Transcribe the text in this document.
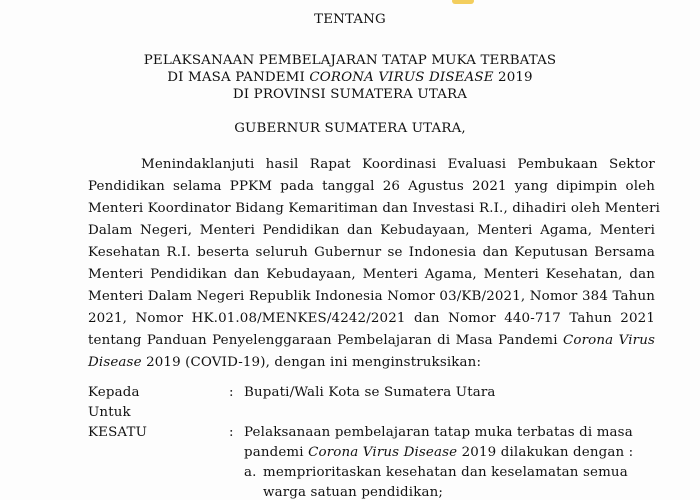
TENTANG
PELAKSANAAN PEMBELAJARAN TATAP MUKA TERBATAS
DI MASA PANDEMI CORONA VIRUS DISEASE 2019
DI PROVINSI SUMATERA UTARA
GUBERNUR SUMATERA UTARA,
Menindaklanjuti hasil Rapat Koordinasi Evaluasi Pembukaan Sektor
Pendidikan selama PPKM pada tanggal 26 Agustus 2021 yang dipimpin oleh
Menteri Koordinator Bidang Kemaritiman dan Investasi R.I., dihadiri oleh Menteri
Dalam Negeri, Menteri Pendidikan dan Kebudayaan, Menteri Agama, Menteri
Kesehatan R.I. beserta seluruh Gubernur se Indonesia dan Keputusan Bersama
Menteri Pendidikan dan Kebudayaan, Menteri Agama, Menteri Kesehatan, dan
Menteri Dalam Negeri Republik Indonesia Nomor 03/KB/2021, Nomor 384 Tahun
2021, Nomor HK.01.08/MENKES/4242/2021 dan Nomor 440-717 Tahun 2021
tentang Panduan Penyelenggaraan Pembelajaran di Masa Pandemi Corona Virus
Disease 2019 (COVID-19), dengan ini menginstruksikan:
Kepada	: Bupati/Wali Kota se Sumatera Utara
Untuk
KESATU	: Pelaksanaan pembelajaran tatap muka terbatas di masa
pandemi Corona Virus Disease 2019 dilakukan dengan :
a. memprioritaskan kesehatan dan keselamatan semua
warga satuan pendidikan;
